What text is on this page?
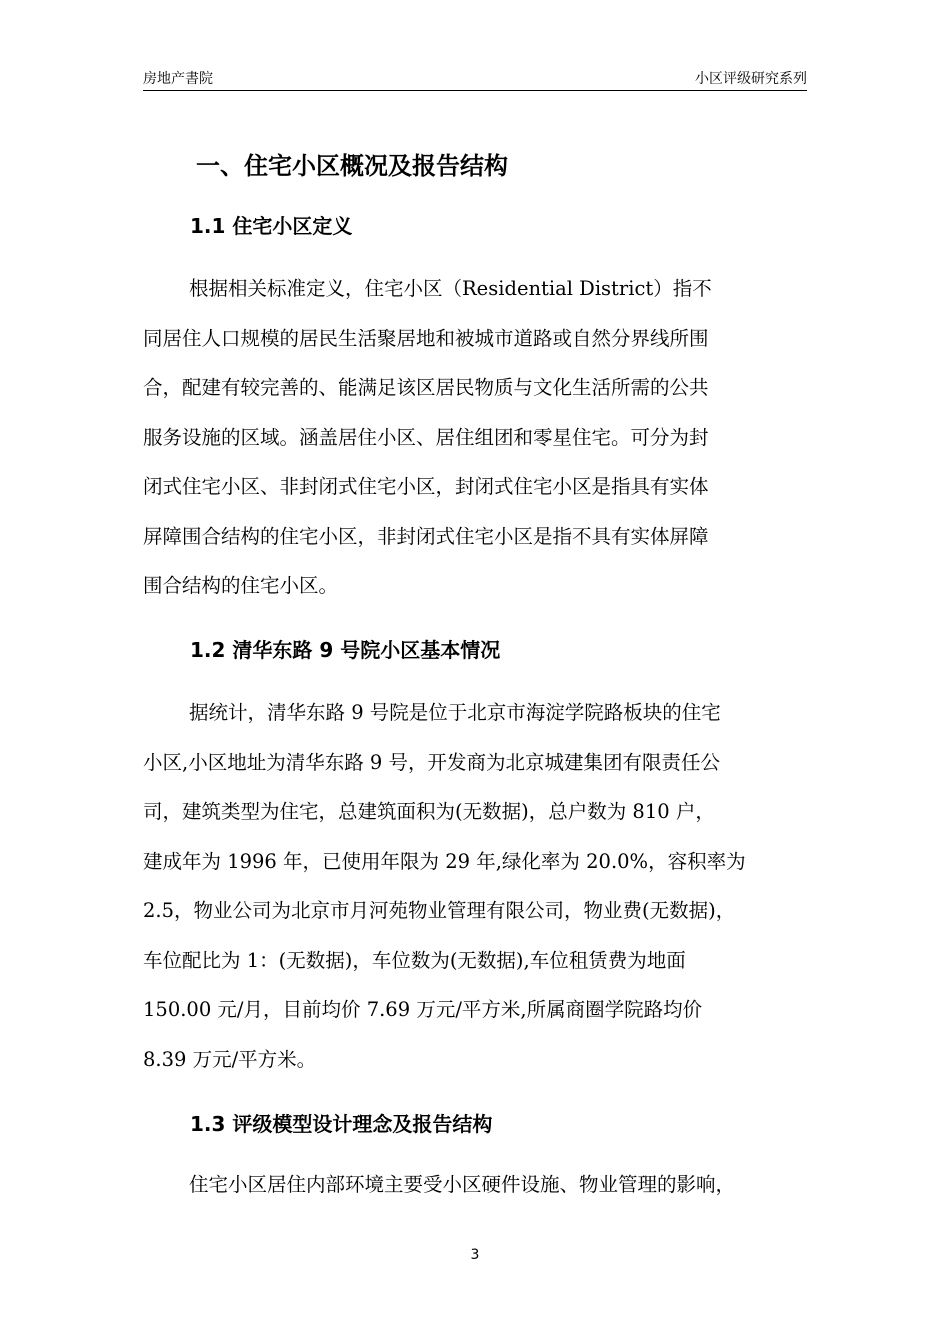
房地产書院	小区评级研究系列
一、住宅小区概况及报告结构
1.1 住宅小区定义
根据相关标准定义，住宅小区（Residential District）指不
同居住人口规模的居民生活聚居地和被城市道路或自然分界线所围
合，配建有较完善的、能满足该区居民物质与文化生活所需的公共
服务设施的区域。涵盖居住小区、居住组团和零星住宅。可分为封
闭式住宅小区、非封闭式住宅小区，封闭式住宅小区是指具有实体
屏障围合结构的住宅小区，非封闭式住宅小区是指不具有实体屏障
围合结构的住宅小区。
1.2 清华东路 9 号院小区基本情况
据统计，清华东路 9 号院是位于北京市海淀学院路板块的住宅
小区,小区地址为清华东路 9 号，开发商为北京城建集团有限责任公
司，建筑类型为住宅，总建筑面积为(无数据)，总户数为 810 户，
建成年为 1996 年，已使用年限为 29 年,绿化率为 20.0%，容积率为
2.5，物业公司为北京市月河苑物业管理有限公司，物业费(无数据)，
车位配比为 1：(无数据)，车位数为(无数据),车位租赁费为地面
150.00 元/月，目前均价 7.69 万元/平方米,所属商圈学院路均价
8.39 万元/平方米。
1.3 评级模型设计理念及报告结构
住宅小区居住内部环境主要受小区硬件设施、物业管理的影响，
3
